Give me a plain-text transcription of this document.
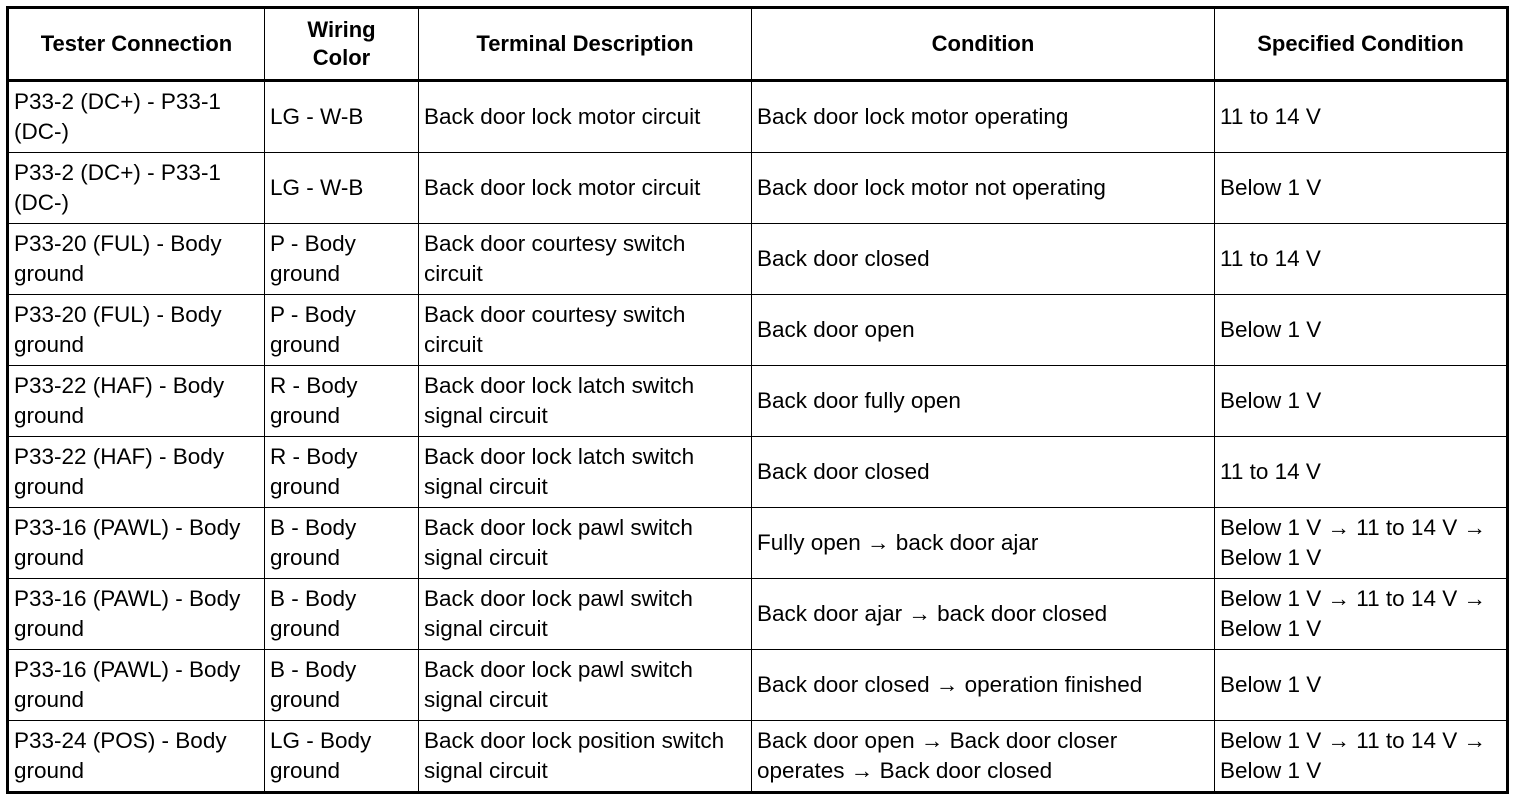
Tester Connection	Wiring Color	Terminal Description	Condition	Specified Condition
P33-2 (DC+) - P33-1 (DC-)	LG - W-B	Back door lock motor circuit	Back door lock motor operating	11 to 14 V
P33-2 (DC+) - P33-1 (DC-)	LG - W-B	Back door lock motor circuit	Back door lock motor not operating	Below 1 V
P33-20 (FUL) - Body ground	P - Body ground	Back door courtesy switch circuit	Back door closed	11 to 14 V
P33-20 (FUL) - Body ground	P - Body ground	Back door courtesy switch circuit	Back door open	Below 1 V
P33-22 (HAF) - Body ground	R - Body ground	Back door lock latch switch signal circuit	Back door fully open	Below 1 V
P33-22 (HAF) - Body ground	R - Body ground	Back door lock latch switch signal circuit	Back door closed	11 to 14 V
P33-16 (PAWL) - Body ground	B - Body ground	Back door lock pawl switch signal circuit	Fully open → back door ajar	Below 1 V → 11 to 14 V → Below 1 V
P33-16 (PAWL) - Body ground	B - Body ground	Back door lock pawl switch signal circuit	Back door ajar → back door closed	Below 1 V → 11 to 14 V → Below 1 V
P33-16 (PAWL) - Body ground	B - Body ground	Back door lock pawl switch signal circuit	Back door closed → operation finished	Below 1 V
P33-24 (POS) - Body ground	LG - Body ground	Back door lock position switch signal circuit	Back door open → Back door closer operates → Back door closed	Below 1 V → 11 to 14 V → Below 1 V
